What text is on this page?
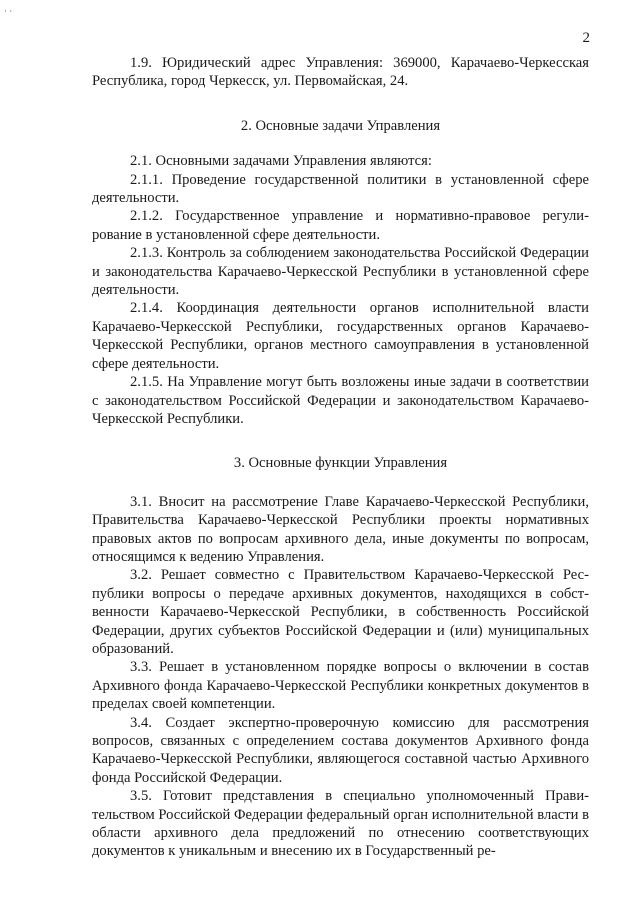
· ·
2

1.9. Юридический адрес Управления: 369000, Карачаево-Черкесская Республика, город Черкесск, ул. Первомайская, 24.

2. Основные задачи Управления

2.1. Основными задачами Управления являются:

2.1.1. Проведение государственной политики в установленной сфере деятельности.

2.1.2. Государственное управление и нормативно-правовое регулирование в установленной сфере деятельности.

2.1.3. Контроль за соблюдением законодательства Российской Федерации и законодательства Карачаево-Черкесской Республики в установленной сфере деятельности.

2.1.4. Координация деятельности органов исполнительной власти Карачаево-Черкесской Республики, государственных органов Карачаево-Черкесской Республики, органов местного самоуправления в установленной сфере деятельности.

2.1.5. На Управление могут быть возложены иные задачи в соответствии с законодательством Российской Федерации и законодательством Карачаево-Черкесской Республики.

3. Основные функции Управления

3.1. Вносит на рассмотрение Главе Карачаево-Черкесской Республики, Правительства Карачаево-Черкесской Республики проекты нормативных правовых актов по вопросам архивного дела, иные документы по вопросам, относящимся к ведению Управления.

3.2. Решает совместно с Правительством Карачаево-Черкесской Республики вопросы о передаче архивных документов, находящихся в собственности Карачаево-Черкесской Республики, в собственность Российской Федерации, других субъектов Российской Федерации и (или) муниципальных образований.

3.3. Решает в установленном порядке вопросы о включении в состав Архивного фонда Карачаево-Черкесской Республики конкретных документов в пределах своей компетенции.

3.4. Создает экспертно-проверочную комиссию для рассмотрения вопросов, связанных с определением состава документов Архивного фонда Карачаево-Черкесской Республики, являющегося составной частью Архивного фонда Российской Федерации.

3.5. Готовит представления в специально уполномоченный Правительством Российской Федерации федеральный орган исполнительной власти в области архивного дела предложений по отнесению соответствующих документов к уникальным и внесению их в Государственный ре-
